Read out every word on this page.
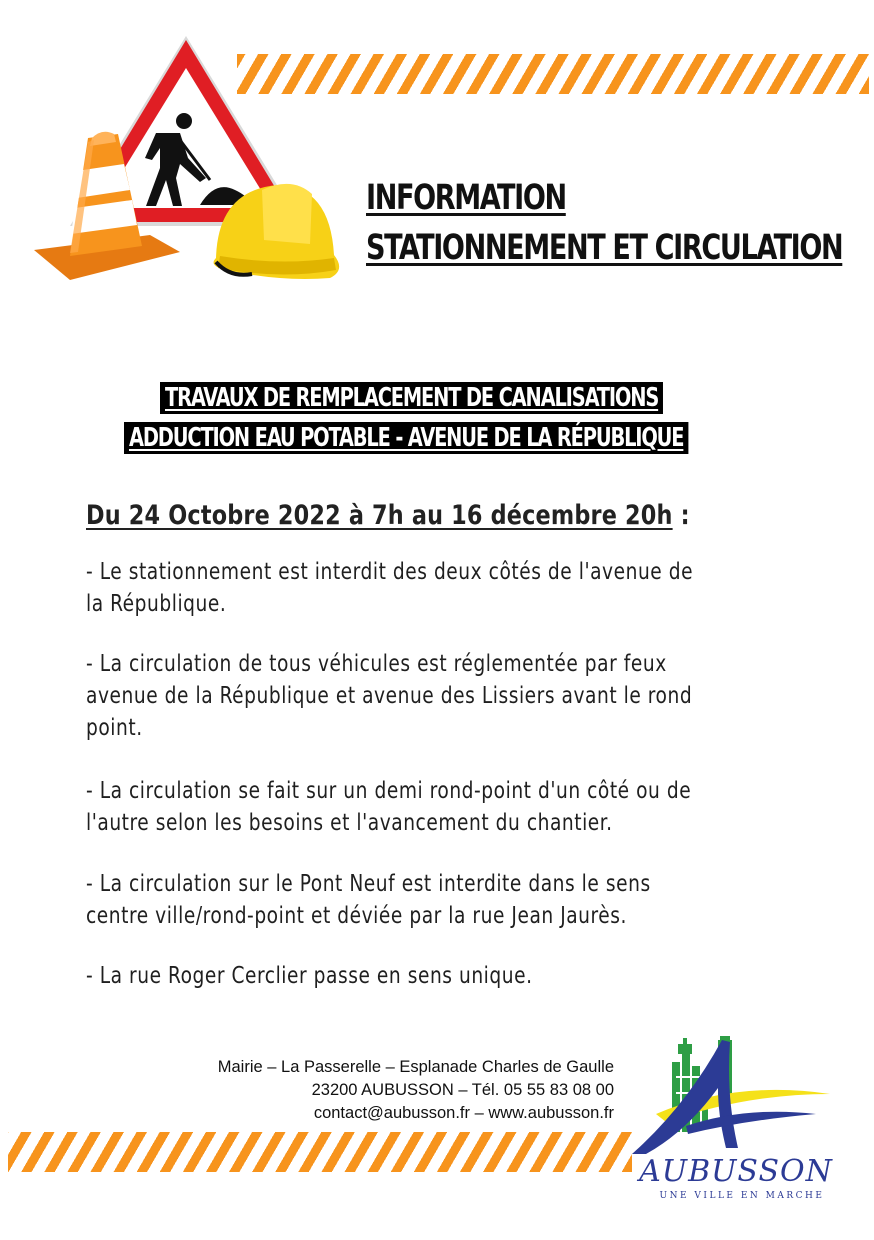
INFORMATION
STATIONNEMENT ET CIRCULATION
TRAVAUX DE REMPLACEMENT DE CANALISATIONS
ADDUCTION EAU POTABLE - AVENUE DE LA RÉPUBLIQUE
Du 24 Octobre 2022 à 7h au 16 décembre 20h :
- Le stationnement est interdit des deux côtés de l'avenue de
la République.
- La circulation de tous véhicules est réglementée par feux
avenue de la République et avenue des Lissiers avant le rond
point.
- La circulation se fait sur un demi rond-point d'un côté ou de
l'autre selon les besoins et l'avancement du chantier.
- La circulation sur le Pont Neuf est interdite dans le sens
centre ville/rond-point et déviée par la rue Jean Jaurès.
- La rue Roger Cerclier passe en sens unique.
Mairie – La Passerelle – Esplanade Charles de Gaulle
23200 AUBUSSON – Tél. 05 55 83 08 00
contact@aubusson.fr – www.aubusson.fr
AUBUSSON
UNE VILLE EN MARCHE
